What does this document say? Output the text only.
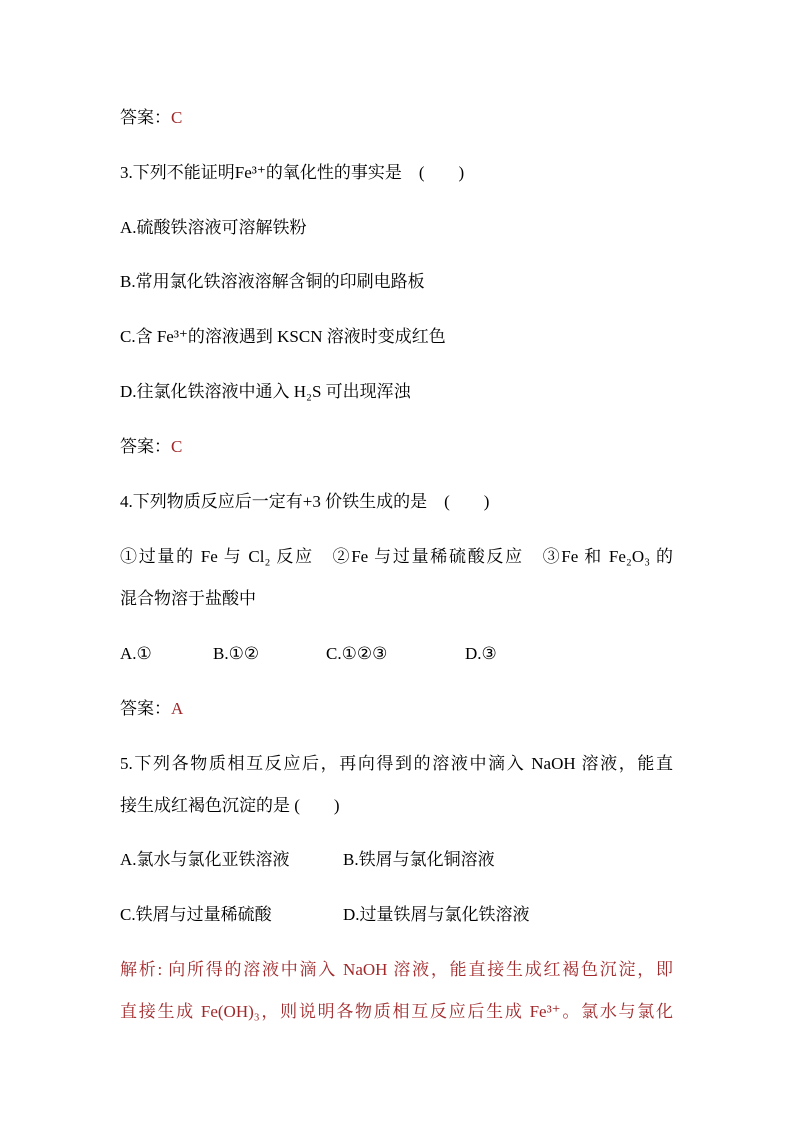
答案：C
3.下列不能证明Fe³⁺的氧化性的事实是　(　　)
A.硫酸铁溶液可溶解铁粉
B.常用氯化铁溶液溶解含铜的印刷电路板
C.含 Fe³⁺的溶液遇到 KSCN 溶液时变成红色
D.往氯化铁溶液中通入 H₂S 可出现浑浊
答案：C
4.下列物质反应后一定有+3 价铁生成的是　(　　)
①过量的 Fe 与 Cl₂ 反应　②Fe 与过量稀硫酸反应　③Fe 和 Fe₂O₃ 的
混合物溶于盐酸中
A.①	B.①②	C.①②③	D.③
答案：A
5.下列各物质相互反应后，再向得到的溶液中滴入 NaOH 溶液，能直
接生成红褐色沉淀的是 (　　)
A.氯水与氯化亚铁溶液	B.铁屑与氯化铜溶液
C.铁屑与过量稀硫酸	D.过量铁屑与氯化铁溶液
解析: 向所得的溶液中滴入 NaOH 溶液，能直接生成红褐色沉淀，即
直接生成 Fe(OH)₃，则说明各物质相互反应后生成 Fe³⁺。氯水与氯化
